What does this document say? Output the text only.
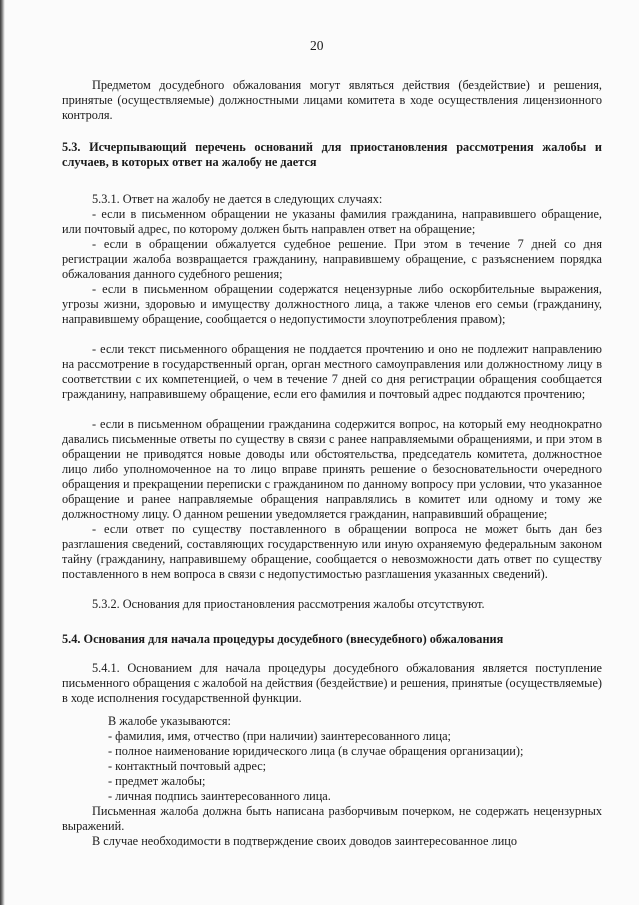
20

Предметом досудебного обжалования могут являться действия (бездействие) и решения, принятые (осуществляемые) должностными лицами комитета в ходе осуществления лицензионного контроля.

5.3. Исчерпывающий перечень оснований для приостановления рассмотрения жалобы и случаев, в которых ответ на жалобу не дается

5.3.1. Ответ на жалобу не дается в следующих случаях:

- если в письменном обращении не указаны фамилия гражданина, направившего обращение, или почтовый адрес, по которому должен быть направлен ответ на обращение;

- если в обращении обжалуется судебное решение. При этом в течение 7 дней со дня регистрации жалоба возвращается гражданину, направившему обращение, с разъяснением порядка обжалования данного судебного решения;

- если в письменном обращении содержатся нецензурные либо оскорбительные выражения, угрозы жизни, здоровью и имуществу должностного лица, а также членов его семьи (гражданину, направившему обращение, сообщается о недопустимости злоупотребления правом);

- если текст письменного обращения не поддается прочтению и оно не подлежит направлению на рассмотрение в государственный орган, орган местного самоуправления или должностному лицу в соответствии с их компетенцией, о чем в течение 7 дней со дня регистрации обращения сообщается гражданину, направившему обращение, если его фамилия и почтовый адрес поддаются прочтению;

- если в письменном обращении гражданина содержится вопрос, на который ему неоднократно давались письменные ответы по существу в связи с ранее направляемыми обращениями, и при этом в обращении не приводятся новые доводы или обстоятельства, председатель комитета, должностное лицо либо уполномоченное на то лицо вправе принять решение о безосновательности очередного обращения и прекращении переписки с гражданином по данному вопросу при условии, что указанное обращение и ранее направляемые обращения направлялись в комитет или одному и тому же должностному лицу. О данном решении уведомляется гражданин, направивший обращение;

- если ответ по существу поставленного в обращении вопроса не может быть дан без разглашения сведений, составляющих государственную или иную охраняемую федеральным законом тайну (гражданину, направившему обращение, сообщается о невозможности дать ответ по существу поставленного в нем вопроса в связи с недопустимостью разглашения указанных сведений).

5.3.2. Основания для приостановления рассмотрения жалобы отсутствуют.

5.4. Основания для начала процедуры досудебного (внесудебного) обжалования

5.4.1. Основанием для начала процедуры досудебного обжалования является поступление письменного обращения с жалобой на действия (бездействие) и решения, принятые (осуществляемые) в ходе исполнения государственной функции.

В жалобе указываются:
- фамилия, имя, отчество (при наличии) заинтересованного лица;
- полное наименование юридического лица (в случае обращения организации);
- контактный почтовый адрес;
- предмет жалобы;
- личная подпись заинтересованного лица.

Письменная жалоба должна быть написана разборчивым почерком, не содержать нецензурных выражений.

В случае необходимости в подтверждение своих доводов заинтересованное лицо
